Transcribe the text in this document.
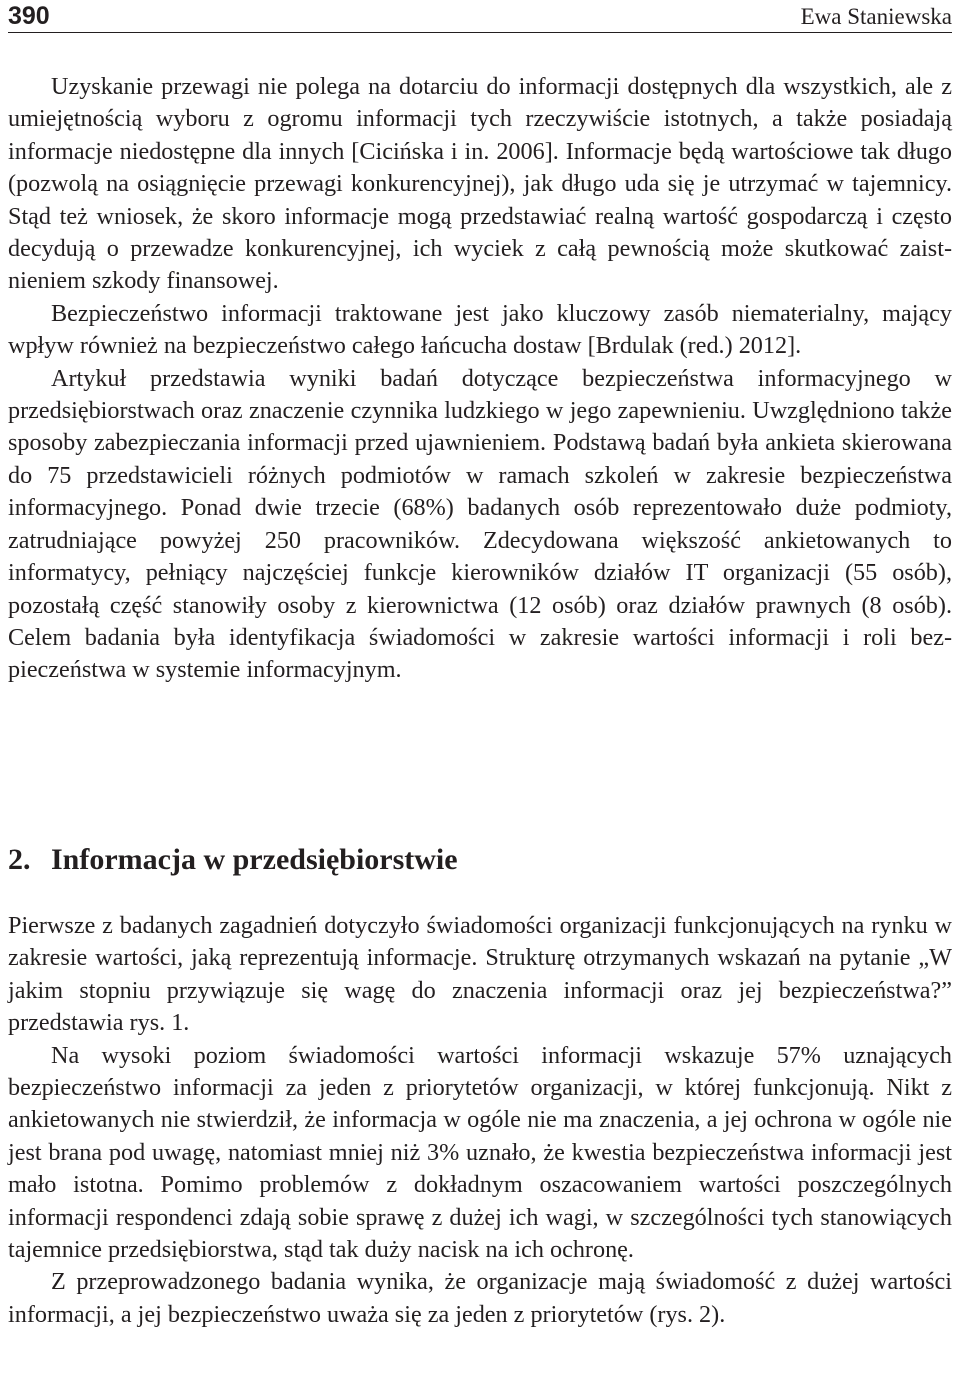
390	Ewa Staniewska

Uzyskanie przewagi nie polega na dotarciu do informacji dostępnych dla wszystkich, ale z umiejętnością wyboru z ogromu informacji tych rzeczywiście istotnych, a także posiadają informacje niedostępne dla innych [Cicińska i in. 2006]. Informacje będą wartościowe tak długo (pozwolą na osiągnięcie przewagi konkurencyjnej), jak długo uda się je utrzymać w tajemnicy. Stąd też wniosek, że skoro informacje mogą przedstawiać realną wartość gospodarczą i często decydują o przewadze konkurencyjnej, ich wyciek z całą pewnością może skutkować zaistnieniem szkody finansowej.

Bezpieczeństwo informacji traktowane jest jako kluczowy zasób niematerialny, mający wpływ również na bezpieczeństwo całego łańcucha dostaw [Brdulak (red.) 2012].

Artykuł przedstawia wyniki badań dotyczące bezpieczeństwa informacyjnego w przedsiębiorstwach oraz znaczenie czynnika ludzkiego w jego zapewnieniu. Uwzględniono także sposoby zabezpieczania informacji przed ujawnieniem. Podstawą badań była ankieta skierowana do 75 przedstawicieli różnych podmiotów w ramach szkoleń w zakresie bezpieczeństwa informacyjnego. Ponad dwie trzecie (68%) badanych osób reprezentowało duże podmioty, zatrudniające powyżej 250 pracowników. Zdecydowana większość ankietowanych to informatycy, pełniący najczęściej funkcje kierowników działów IT organizacji (55 osób), pozostałą część stanowiły osoby z kierownictwa (12 osób) oraz działów prawnych (8 osób). Celem badania była identyfikacja świadomości w zakresie wartości informacji i roli bezpieczeństwa w systemie informacyjnym.

2. Informacja w przedsiębiorstwie

Pierwsze z badanych zagadnień dotyczyło świadomości organizacji funkcjonujących na rynku w zakresie wartości, jaką reprezentują informacje. Strukturę otrzymanych wskazań na pytanie „W jakim stopniu przywiązuje się wagę do znaczenia informacji oraz jej bezpieczeństwa?” przedstawia rys. 1.

Na wysoki poziom świadomości wartości informacji wskazuje 57% uznających bezpieczeństwo informacji za jeden z priorytetów organizacji, w której funkcjonują. Nikt z ankietowanych nie stwierdził, że informacja w ogóle nie ma znaczenia, a jej ochrona w ogóle nie jest brana pod uwagę, natomiast mniej niż 3% uznało, że kwestia bezpieczeństwa informacji jest mało istotna. Pomimo problemów z dokładnym oszacowaniem wartości poszczególnych informacji respondenci zdają sobie sprawę z dużej ich wagi, w szczególności tych stanowiących tajemnice przedsiębiorstwa, stąd tak duży nacisk na ich ochronę.

Z przeprowadzonego badania wynika, że organizacje mają świadomość z dużej wartości informacji, a jej bezpieczeństwo uważa się za jeden z priorytetów (rys. 2).
